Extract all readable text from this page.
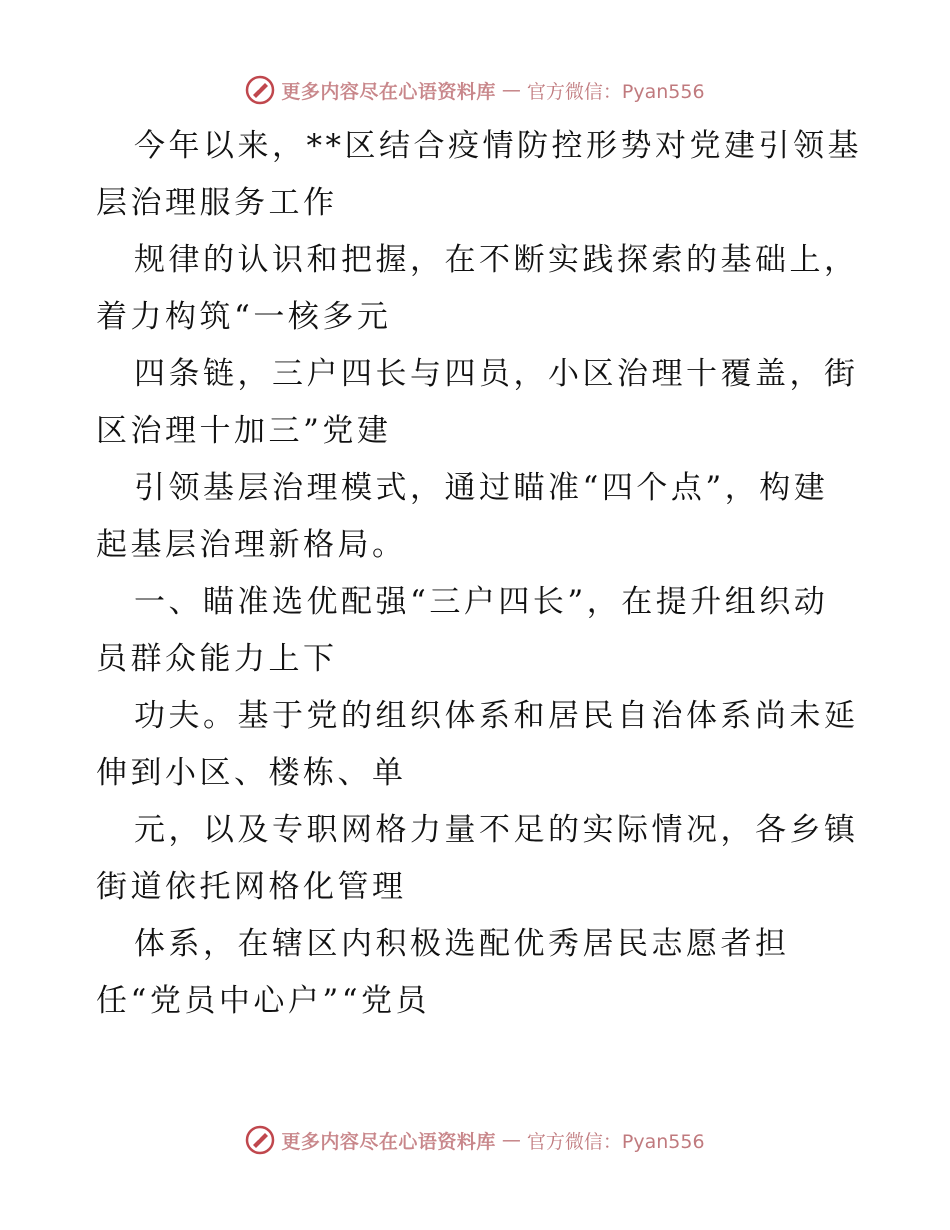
更多内容尽在心语资料库 — 官方微信：Pyan556
今年以来，**区结合疫情防控形势对党建引领基
层治理服务工作
规律的认识和把握，在不断实践探索的基础上，
着力构筑“一核多元
四条链，三户四长与四员，小区治理十覆盖，街
区治理十加三”党建
引领基层治理模式，通过瞄准“四个点”，构建
起基层治理新格局。
一、瞄准选优配强“三户四长”，在提升组织动
员群众能力上下
功夫。基于党的组织体系和居民自治体系尚未延
伸到小区、楼栋、单
元，以及专职网格力量不足的实际情况，各乡镇
街道依托网格化管理
体系，在辖区内积极选配优秀居民志愿者担
任“党员中心户”“党员
更多内容尽在心语资料库 — 官方微信：Pyan556
